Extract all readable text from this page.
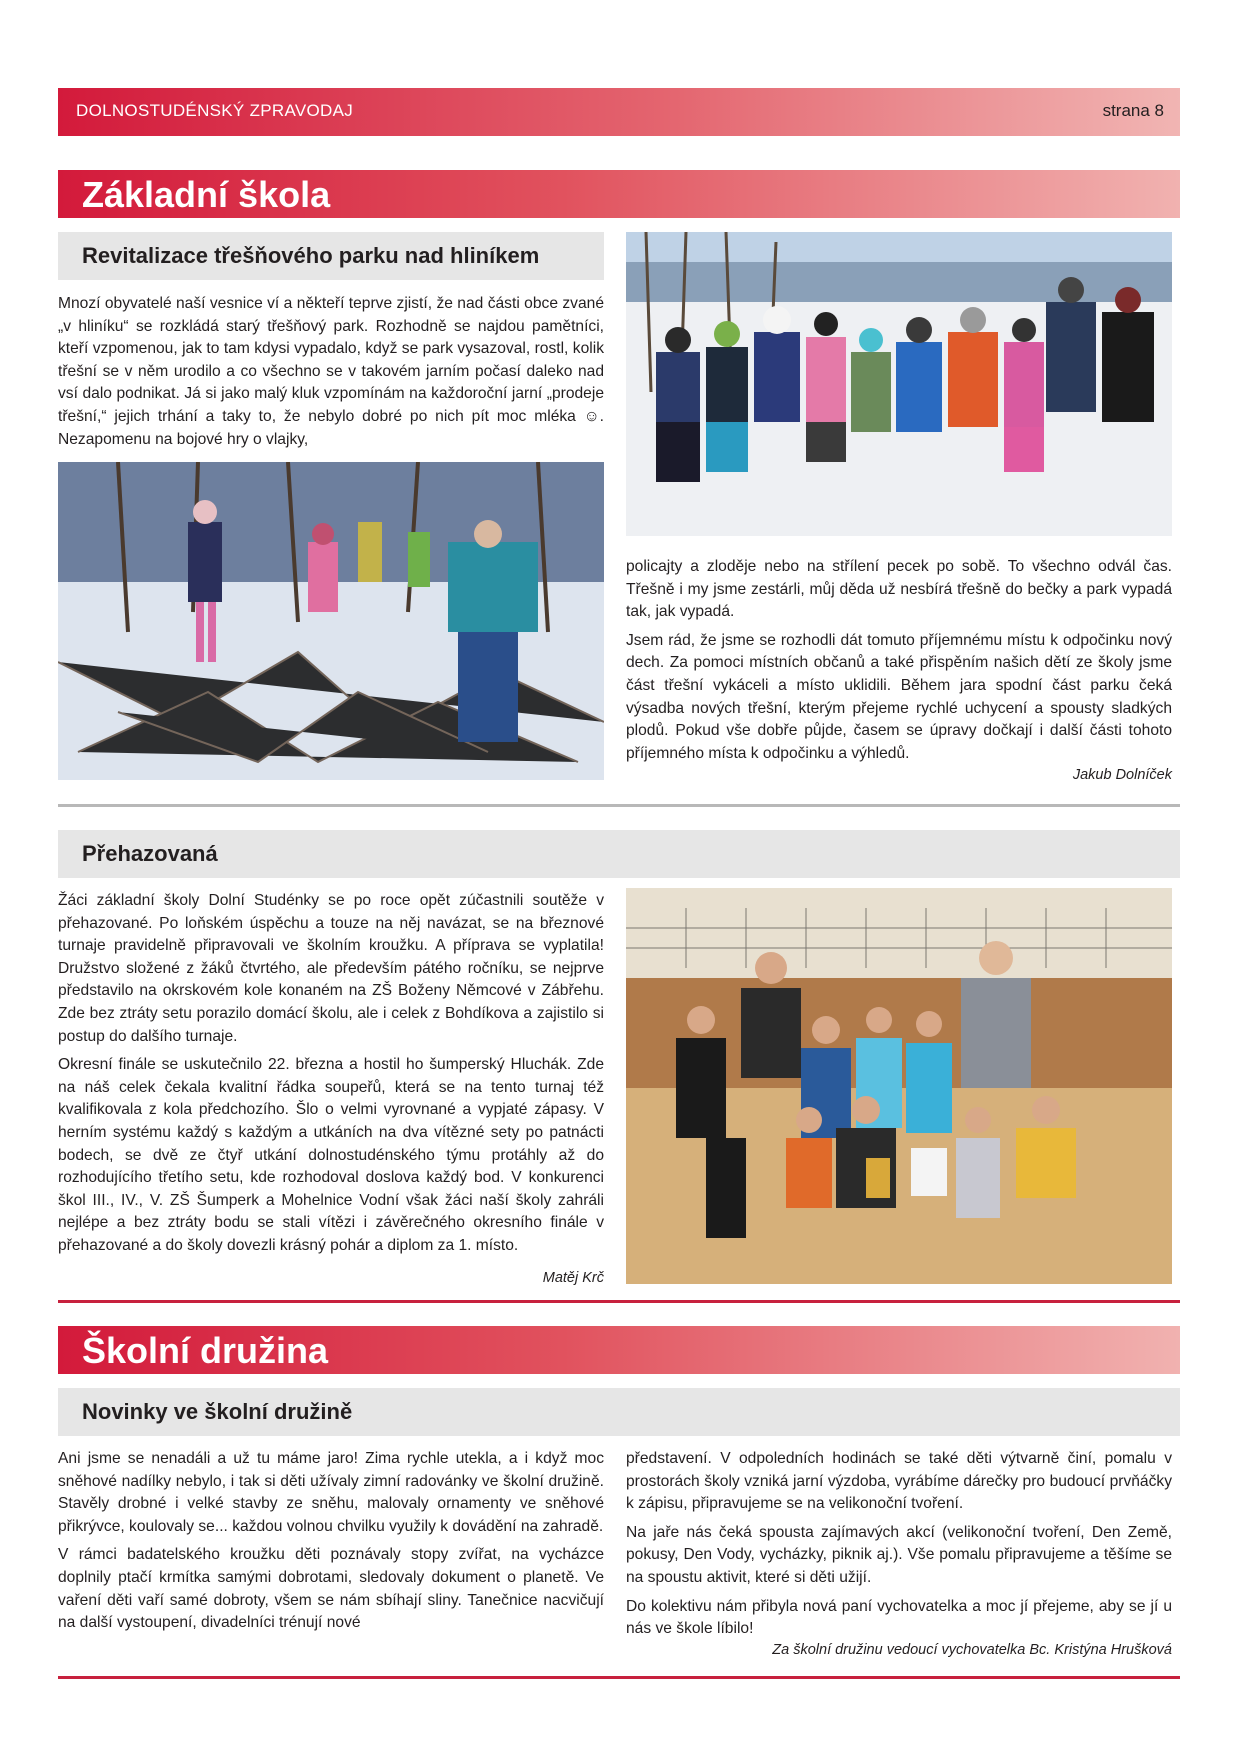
DOLNOSTUDÉNSKÝ ZPRAVODAJ	strana 8
Základní škola
Revitalizace třešňového parku nad hliníkem

Mnozí obyvatelé naší vesnice ví a někteří teprve zjistí, že nad části obce zvané „v hliníku“ se rozkládá starý třešňový park. Rozhodně se najdou pamětníci, kteří vzpomenou, jak to tam kdysi vypadalo, když se park vysazoval, rostl, kolik třešní se v něm urodilo a co všechno se v takovém jarním počasí daleko nad vsí dalo podnikat. Já si jako malý kluk vzpomínám na každoroční jarní „prodeje třešní,“ jejich trhání a taky to, že nebylo dobré po nich pít moc mléka ☺. Nezapomenu na bojové hry o vlajky,

policajty a zloděje nebo na střílení pecek po sobě. To všechno odvál čas. Třešně i my jsme zestárli, můj děda už nesbírá třešně do bečky a park vypadá tak, jak vypadá.

Jsem rád, že jsme se rozhodli dát tomuto příjemnému místu k odpočinku nový dech. Za pomoci místních občanů a také přispěním našich dětí ze školy jsme část třešní vykáceli a místo uklidili. Během jara spodní část parku čeká výsadba nových třešní, kterým přejeme rychlé uchycení a spousty sladkých plodů. Pokud vše dobře půjde, časem se úpravy dočkají i další části tohoto příjemného místa k odpočinku a výhledů.

Jakub Dolníček
Přehazovaná

Žáci základní školy Dolní Studénky se po roce opět zúčastnili soutěže v přehazované. Po loňském úspěchu a touze na něj navázat, se na březnové turnaje pravidelně připravovali ve školním kroužku. A příprava se vyplatila! Družstvo složené z žáků čtvrtého, ale především pátého ročníku, se nejprve představilo na okrskovém kole konaném na ZŠ Boženy Němcové v Zábřehu. Zde bez ztráty setu porazilo domácí školu, ale i celek z Bohdíkova a zajistilo si postup do dalšího turnaje.

Okresní finále se uskutečnilo 22. března a hostil ho šumperský Hluchák. Zde na náš celek čekala kvalitní řádka soupeřů, která se na tento turnaj též kvalifikovala z kola předchozího. Šlo o velmi vyrovnané a vypjaté zápasy. V herním systému každý s každým a utkáních na dva vítězné sety po patnácti bodech, se dvě ze čtyř utkání dolnostudénského týmu protáhly až do rozhodujícího třetího setu, kde rozhodoval doslova každý bod. V konkurenci škol III., IV., V. ZŠ Šumperk a Mohelnice Vodní však žáci naší školy zahráli nejlépe a bez ztráty bodu se stali vítězi i závěrečného okresního finále v přehazované a do školy dovezli krásný pohár a diplom za 1. místo.

Matěj Krč
Školní družina
Novinky ve školní družině

Ani jsme se nenadáli a už tu máme jaro! Zima rychle utekla, a i když moc sněhové nadílky nebylo, i tak si děti užívaly zimní radovánky ve školní družině. Stavěly drobné i velké stavby ze sněhu, malovaly ornamenty ve sněhové přikrývce, koulovaly se... každou volnou chvilku využily k dovádění na zahradě.

V rámci badatelského kroužku děti poznávaly stopy zvířat, na vycházce doplnily ptačí krmítka samými dobrotami, sledovaly dokument o planetě. Ve vaření děti vaří samé dobroty, všem se nám sbíhají sliny. Tanečnice nacvičují na další vystoupení, divadelníci trénují nové

představení. V odpoledních hodinách se také děti výtvarně činí, pomalu v prostorách školy vzniká jarní výzdoba, vyrábíme dárečky pro budoucí prvňáčky k zápisu, připravujeme se na velikonoční tvoření.

Na jaře nás čeká spousta zajímavých akcí (velikonoční tvoření, Den Země, pokusy, Den Vody, vycházky, piknik aj.). Vše pomalu připravujeme a těšíme se na spoustu aktivit, které si děti užijí.

Do kolektivu nám přibyla nová paní vychovatelka a moc jí přejeme, aby se jí u nás ve škole líbilo!

Za školní družinu vedoucí vychovatelka Bc. Kristýna Hrušková
